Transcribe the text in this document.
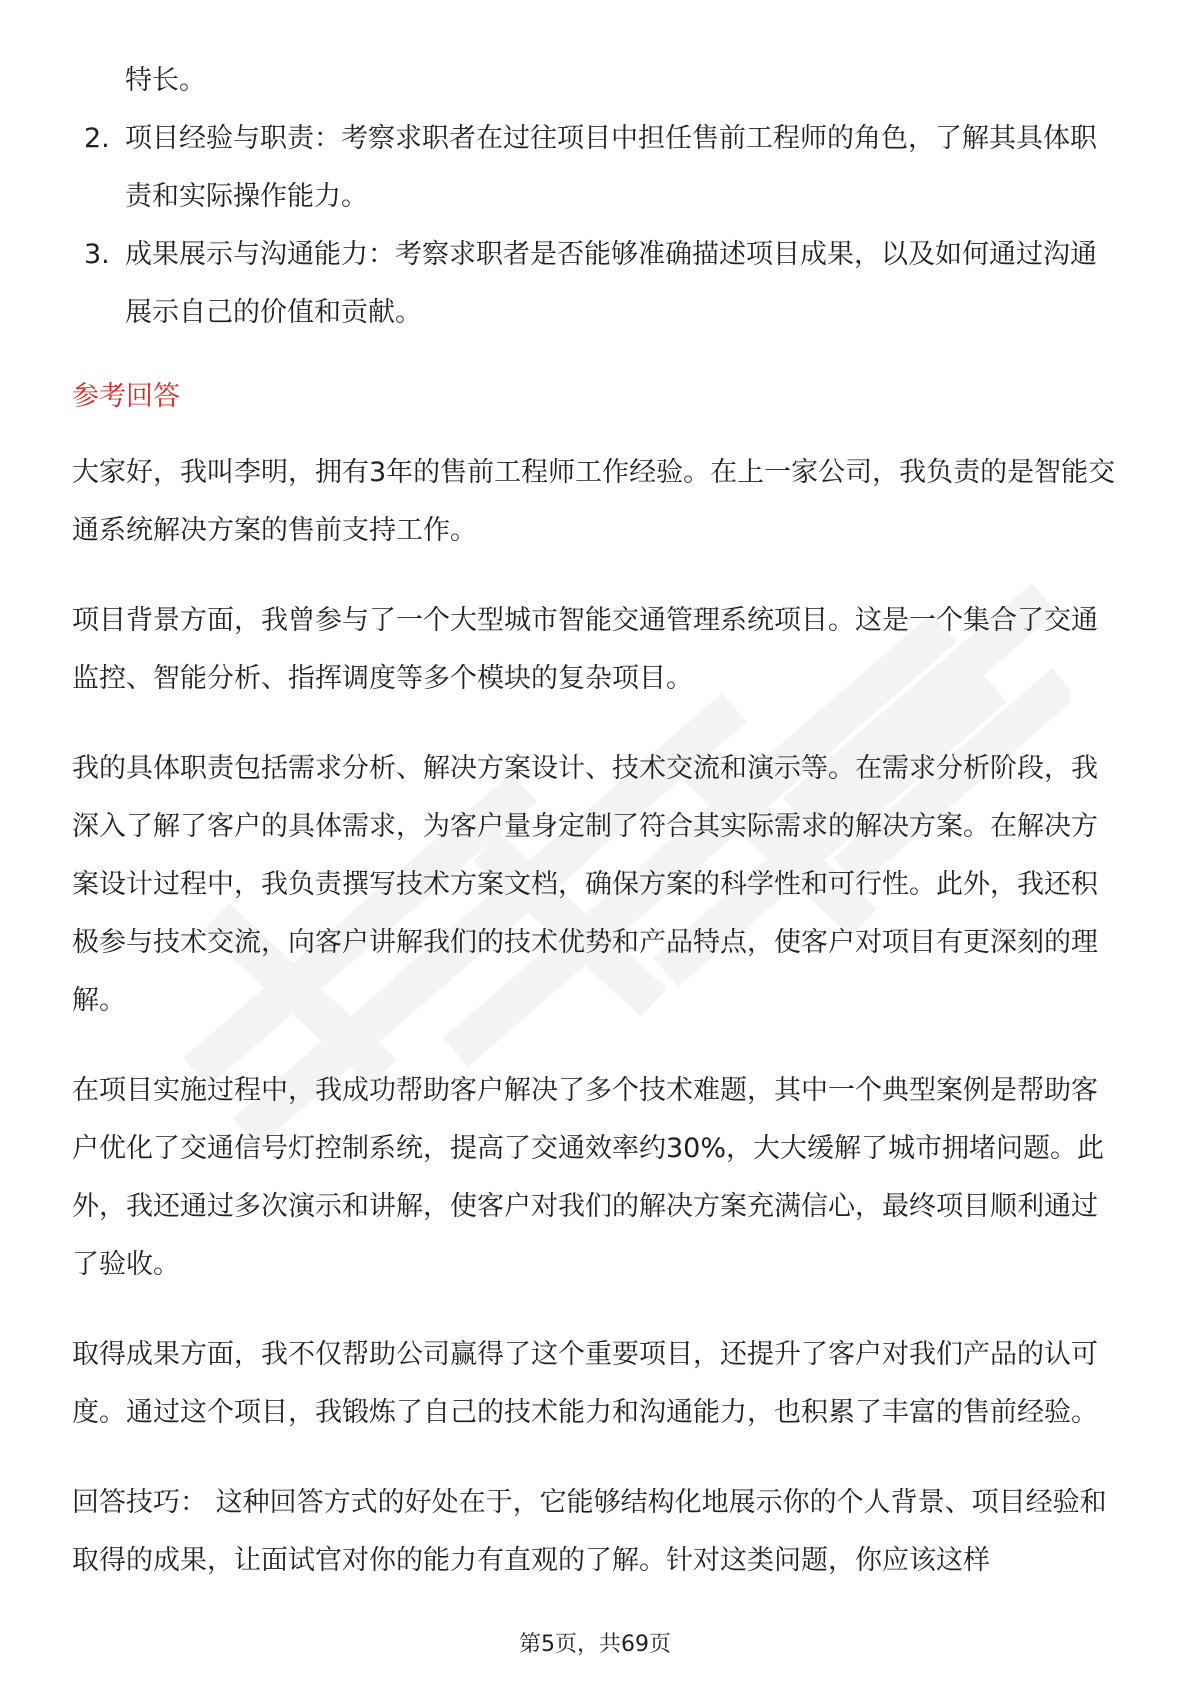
特长。
2. 项目经验与职责：考察求职者在过往项目中担任售前工程师的角色，了解其具体职责和实际操作能力。
3. 成果展示与沟通能力：考察求职者是否能够准确描述项目成果，以及如何通过沟通展示自己的价值和贡献。
参考回答

大家好，我叫李明，拥有3年的售前工程师工作经验。在上一家公司，我负责的是智能交通系统解决方案的售前支持工作。

项目背景方面，我曾参与了一个大型城市智能交通管理系统项目。这是一个集合了交通监控、智能分析、指挥调度等多个模块的复杂项目。

我的具体职责包括需求分析、解决方案设计、技术交流和演示等。在需求分析阶段，我深入了解了客户的具体需求，为客户量身定制了符合其实际需求的解决方案。在解决方案设计过程中，我负责撰写技术方案文档，确保方案的科学性和可行性。此外，我还积极参与技术交流，向客户讲解我们的技术优势和产品特点，使客户对项目有更深刻的理解。

在项目实施过程中，我成功帮助客户解决了多个技术难题，其中一个典型案例是帮助客户优化了交通信号灯控制系统，提高了交通效率约30%，大大缓解了城市拥堵问题。此外，我还通过多次演示和讲解，使客户对我们的解决方案充满信心，最终项目顺利通过了验收。

取得成果方面，我不仅帮助公司赢得了这个重要项目，还提升了客户对我们产品的认可度。通过这个项目，我锻炼了自己的技术能力和沟通能力，也积累了丰富的售前经验。

回答技巧： 这种回答方式的好处在于，它能够结构化地展示你的个人背景、项目经验和取得的成果，让面试官对你的能力有直观的了解。针对这类问题，你应该这样

第5页，共69页
